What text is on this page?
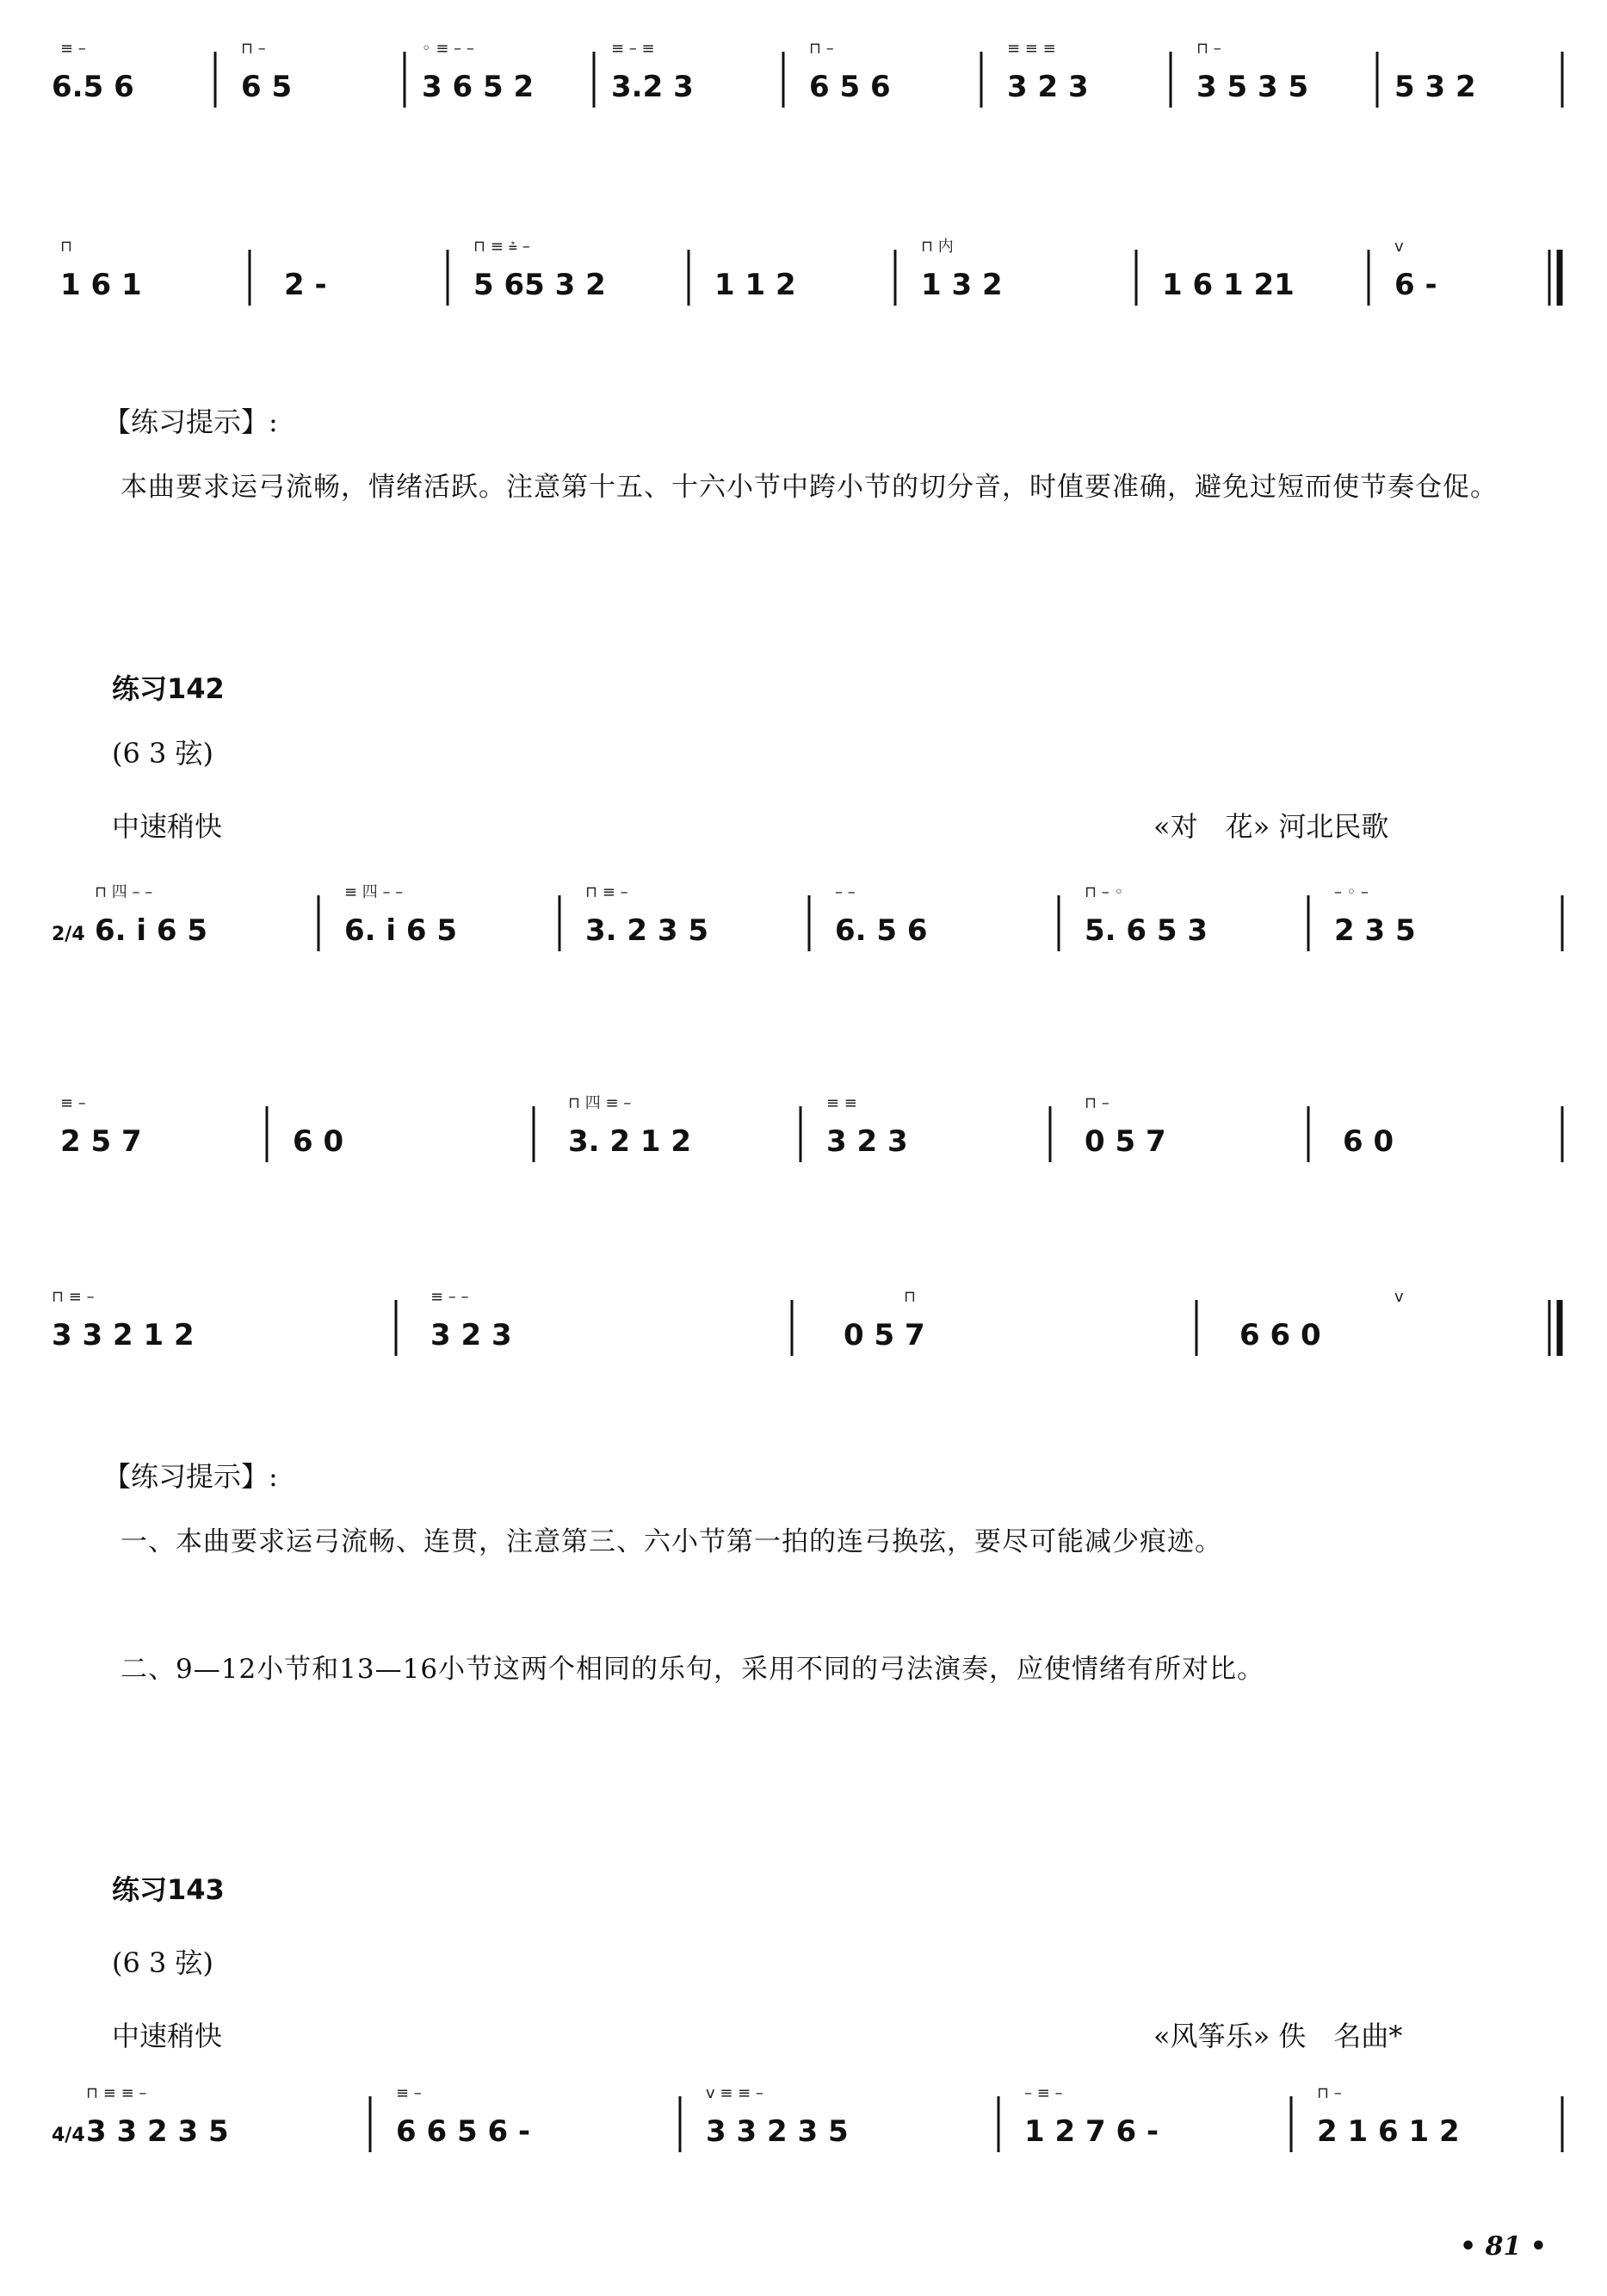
≡ –
6.5 6
⊓ –
6 5
◦ ≡ – –
3 6 5 2
≡ – ≡
3.2 3
⊓ –
6 5 6
≡ ≡ ≡
3 2 3
⊓ –
3 5 3 5	5 3 2
⊓
1 6 1	2 -
⊓ ≡ ⩮ –
5 65 3 2	1 1 2
⊓ 内
1 3 2	1 6 1 21
v
6 -
【练习提示】:
本曲要求运弓流畅，情绪活跃。注意第十五、十六小节中跨小节的切分音，时值要准确，避免过短而使节奏仓促。
练习142
(6 3 弦)
中速稍快	«对　花» 河北民歌
2/4
⊓ 四 – –
6. i 6 5
≡ 四 – –
6. i 6 5
⊓ ≡ –
3. 2 3 5
– –
6. 5 6
⊓ – ◦
5. 6 5 3
– ◦ –
2 3 5
≡ –
2 5 7	6 0
⊓ 四 ≡ –
3. 2 1 2
≡ ≡
3 2 3
⊓ –
0 5 7	6 0
⊓ ≡ –
3 3 2 1 2
≡ – –
3 2 3
⊓
0 5 7
v
6 6 0
【练习提示】:
一、本曲要求运弓流畅、连贯，注意第三、六小节第一拍的连弓换弦，要尽可能减少痕迹。
二、9—12小节和13—16小节这两个相同的乐句，采用不同的弓法演奏，应使情绪有所对比。
练习143
(6 3 弦)
中速稍快	«风筝乐» 佚　名曲*
4/4
⊓ ≡ ≡ –
3 3 2 3 5
≡ –
6 6 5 6 -
v ≡ ≡ –
3 3 2 3 5
– ≡ –
1 2 7 6 -
⊓ –
2 1 6 1 2
• 81 •
